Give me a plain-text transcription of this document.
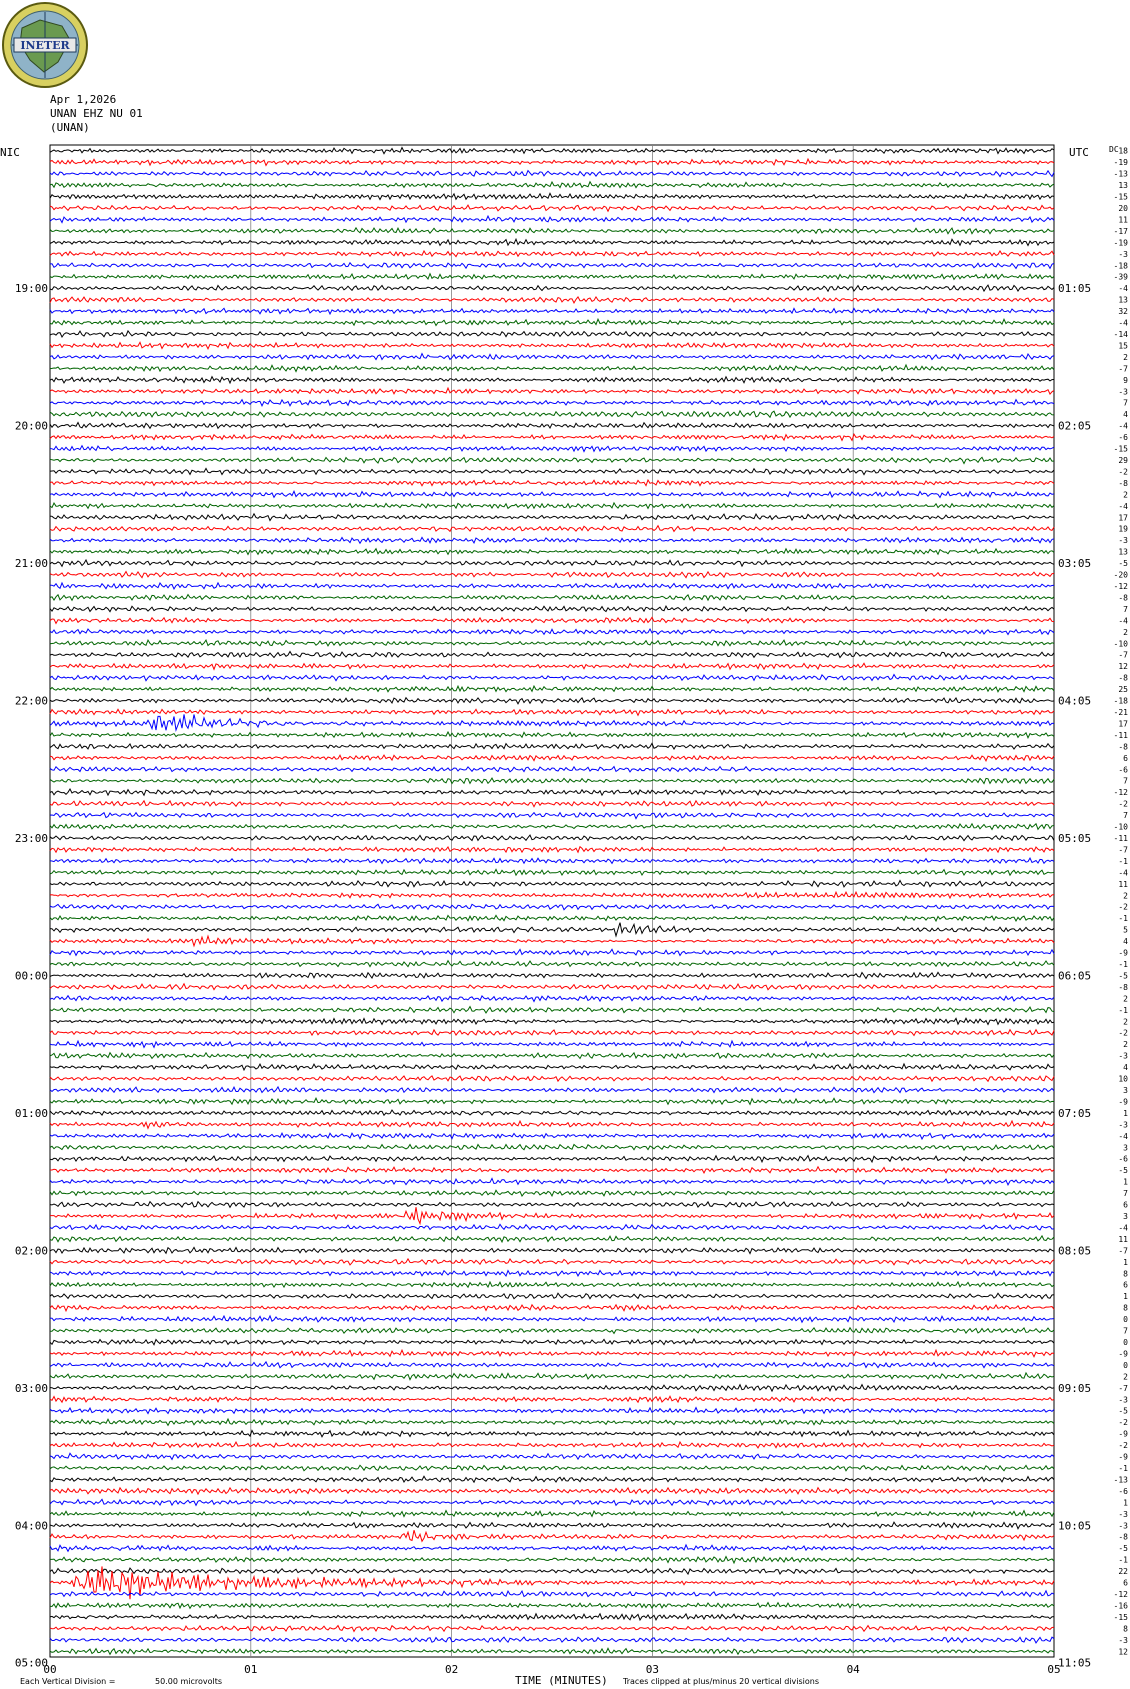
INETER
Apr 1,2026
UNAN EHZ NU 01
(UNAN)
00	01	02	03	04	05
19:00	01:05
20:00	02:05
21:00	03:05
22:00	04:05
23:00	05:05
00:00	06:05
01:00	07:05
02:00	08:05
03:00	09:05
04:00	10:05
05:00	11:05
18
-19
-13
13
-15
20
11
-17
-19
-3
-18
-39
-4
13
32
-4
-14
15
2
-7
9
-3
7
4
-4
-6
-15
29
-2
-8
2
-4
17
19
-3
13
-5
-20
-12
-8
7
-4
2
-10
-7
12
-8
25
-18
-21
17
-11
-8
6
-6
7
-12
-2
7
-10
-11
-7
-1
-4
11
2
-2
-1
5
4
-9
-1
-5
-8
2
-1
2
-2
2
-3
4
10
3
-9
1
-3
-4
3
-6
-5
1
7
6
3
-4
11
-7
1
8
6
1
8
0
7
0
-9
0
2
-7
-3
-5
-2
-9
-2
-9
-1
-13
-6
1
-3
-3
-8
-5
-1
22
6
-12
-16
-15
8
-3
12
NIC	UTC	DC
TIME (MINUTES)
Each Vertical Division =	50.00 microvolts	Traces clipped at plus/minus 20 vertical divisions
